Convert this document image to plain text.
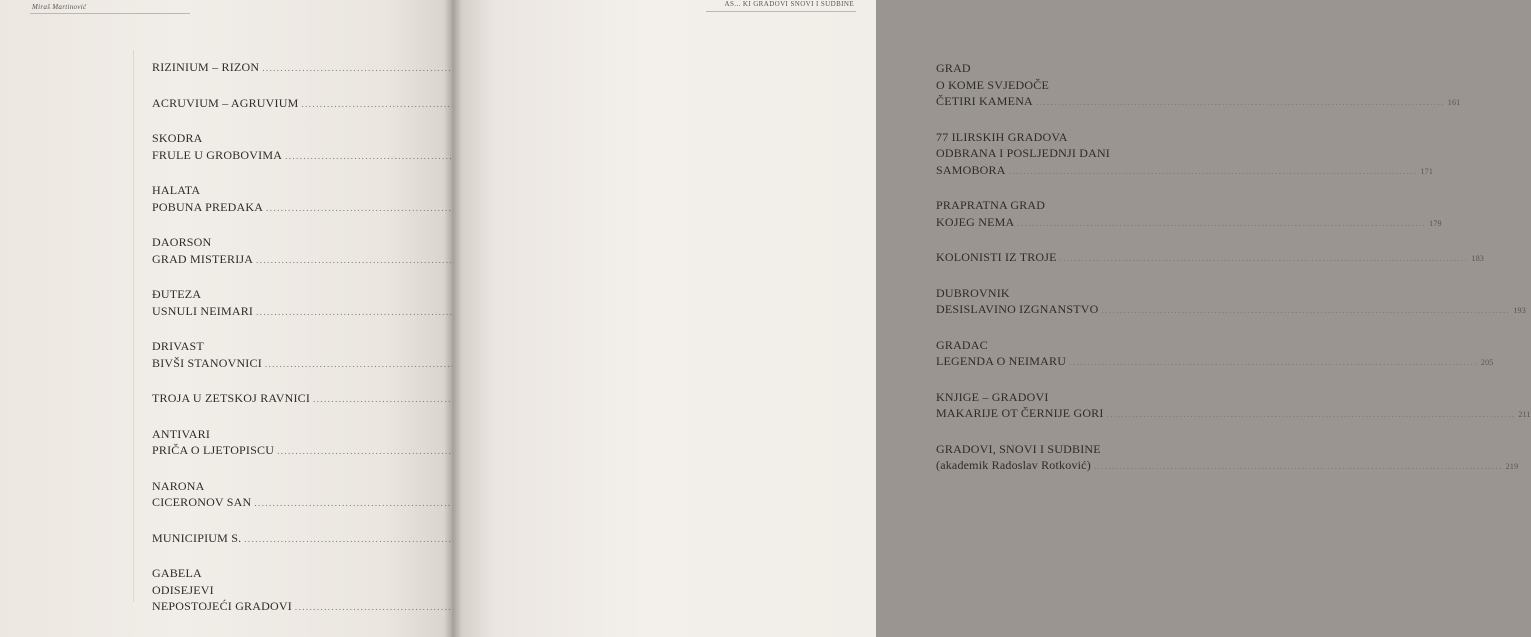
Miraš Martinović
RIZINIUM – RIZON
.....
ACRUVIUM – AGRUVIUM
.....
SKODRA
FRULE U GROBOVIMA
.....
HALATA
POBUNA PREDAKA
.....
DAORSON
GRAD MISTERIJA
.....
ĐUTEZA
USNULI NEIMARI
.....
DRIVAST
BIVŠI STANOVNICI
.....
TROJA U ZETSKOJ RAVNICI
.....
ANTIVARI
PRIČA O LJETOPISCU
.....
NARONA
CICERONOV SAN
.....
MUNICIPIUM S.
.....
GABELA
ODISEJEVI
NEPOSTOJEĆI GRADOVI
.....
AS... KI GRADOVI SNOVI I SUDBINE
GRAD
O KOME SVJEDOČE
ČETIRI KAMENA .....	161
77 ILIRSKIH GRADOVA
ODBRANA I POSLJEDNJI DANI
SAMOBORA .....	171
PRAPRATNA GRAD
KOJEG NEMA .....	179
KOLONISTI IZ TROJE .....	183
DUBROVNIK
DESISLAVINO IZGNANSTVO .....	193
GRADAC
LEGENDA O NEIMARU .....	205
KNJIGE – GRADOVI
MAKARIJE OT ČERNIJE GORI .....	211
GRADOVI, SNOVI I SUDBINE
(akademik Radoslav Rotković) .....	219
